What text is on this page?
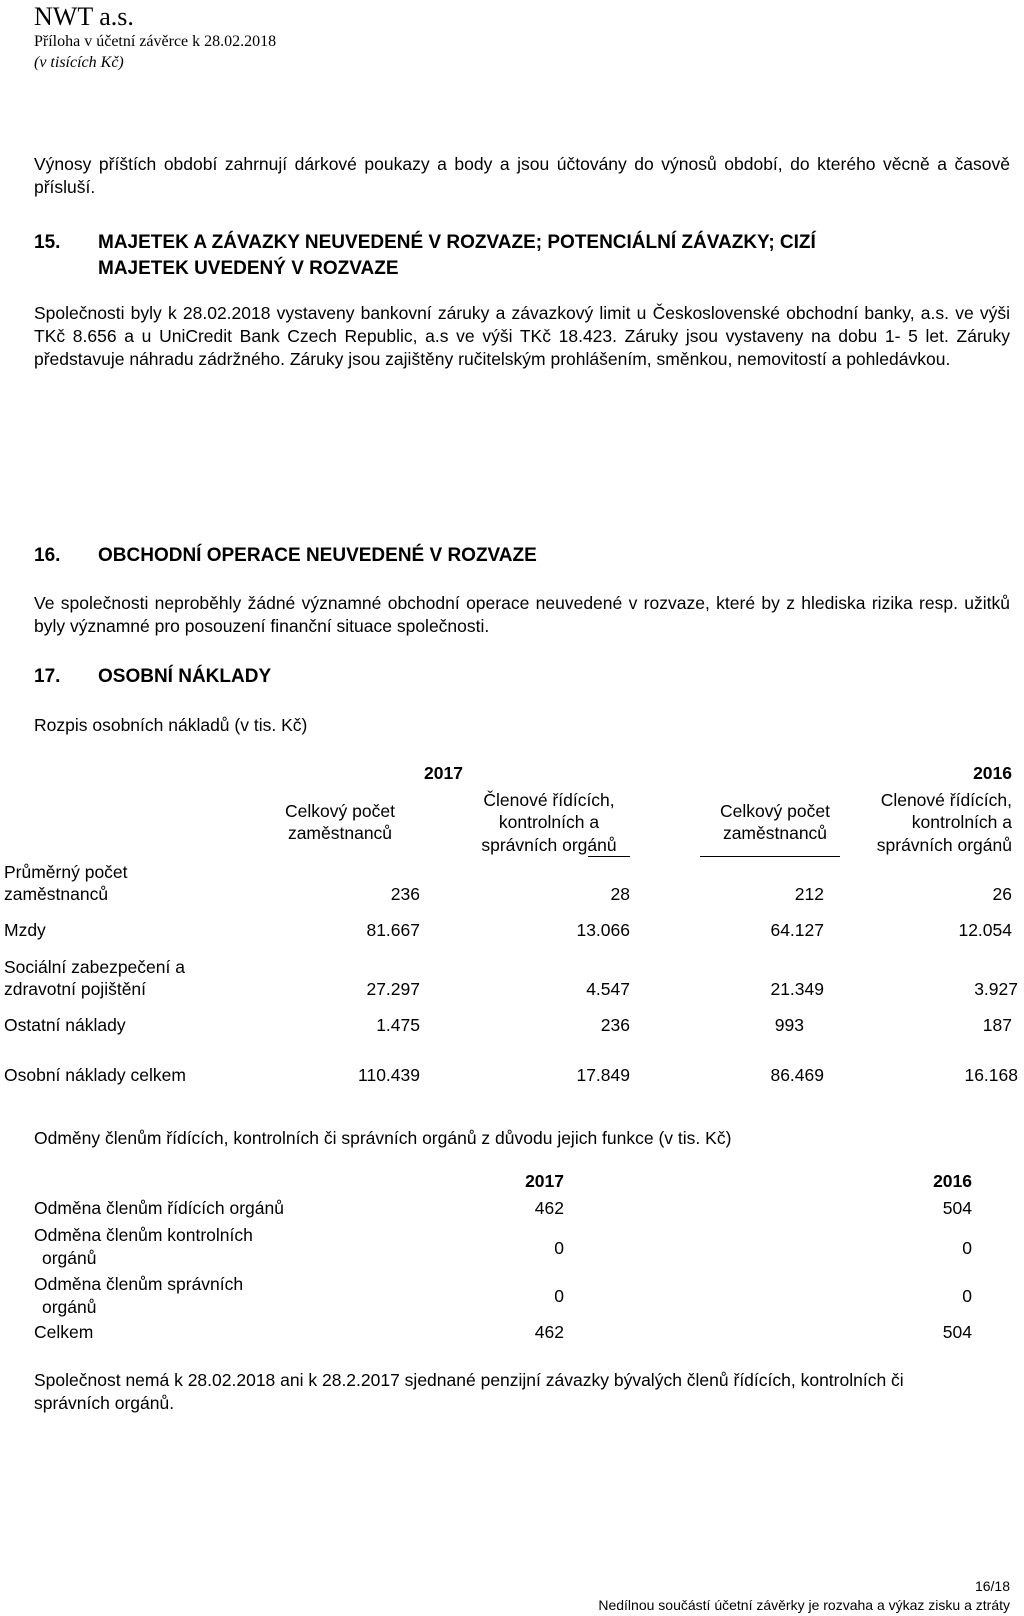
NWT a.s.
Příloha v účetní závěrce k 28.02.2018
(v tisících Kč)
Výnosy příštích období zahrnují dárkové poukazy a body a jsou účtovány do výnosů období, do kterého věcně a časově přísluší.
15. MAJETEK A ZÁVAZKY NEUVEDENÉ V ROZVAZE; POTENCIÁLNÍ ZÁVAZKY; CIZÍ
MAJETEK UVEDENÝ V ROZVAZE
Společnosti byly k 28.02.2018 vystaveny bankovní záruky a závazkový limit u Československé obchodní banky, a.s. ve výši TKč 8.656 a u UniCredit Bank Czech Republic, a.s ve výši TKč 18.423. Záruky jsou vystaveny na dobu 1- 5 let. Záruky představuje náhradu zádržného. Záruky jsou zajištěny ručitelským prohlášením, směnkou, nemovitostí a pohledávkou.
16. OBCHODNÍ OPERACE NEUVEDENÉ V ROZVAZE
Ve společnosti neproběhly žádné významné obchodní operace neuvedené v rozvaze, které by z hlediska rizika resp. užitků byly významné pro posouzení finanční situace společnosti.
17. OSOBNÍ NÁKLADY
Rozpis osobních nákladů (v tis. Kč)
2017	2016
Celkový počet
zaměstnanců
Členové řídících,
kontrolních a
správních orgánů
Celkový počet
zaměstnanců
Clenové řídících,
kontrolních a
správních orgánů
Průměrný počet
zaměstnanců	236	28	212	26
Mzdy	81.667	13.066	64.127	12.054
Sociální zabezpečení a
zdravotní pojištění	27.297	4.547	21.349	3.927
Ostatní náklady	1.475	236	993	187
Osobní náklady celkem	110.439	17.849	86.469	16.168
Odměny členům řídících, kontrolních či správních orgánů z důvodu jejich funkce (v tis. Kč)
2017	2016
Odměna členům řídících orgánů	462	504
Odměna členům kontrolních
orgánů	0	0
Odměna členům správních
orgánů
0	0
Celkem	462	504
Společnost nemá k 28.02.2018 ani k 28.2.2017 sjednané penzijní závazky bývalých členů řídících, kontrolních či správních orgánů.
16/18
Nedílnou součástí účetní závěrky je rozvaha a výkaz zisku a ztráty
